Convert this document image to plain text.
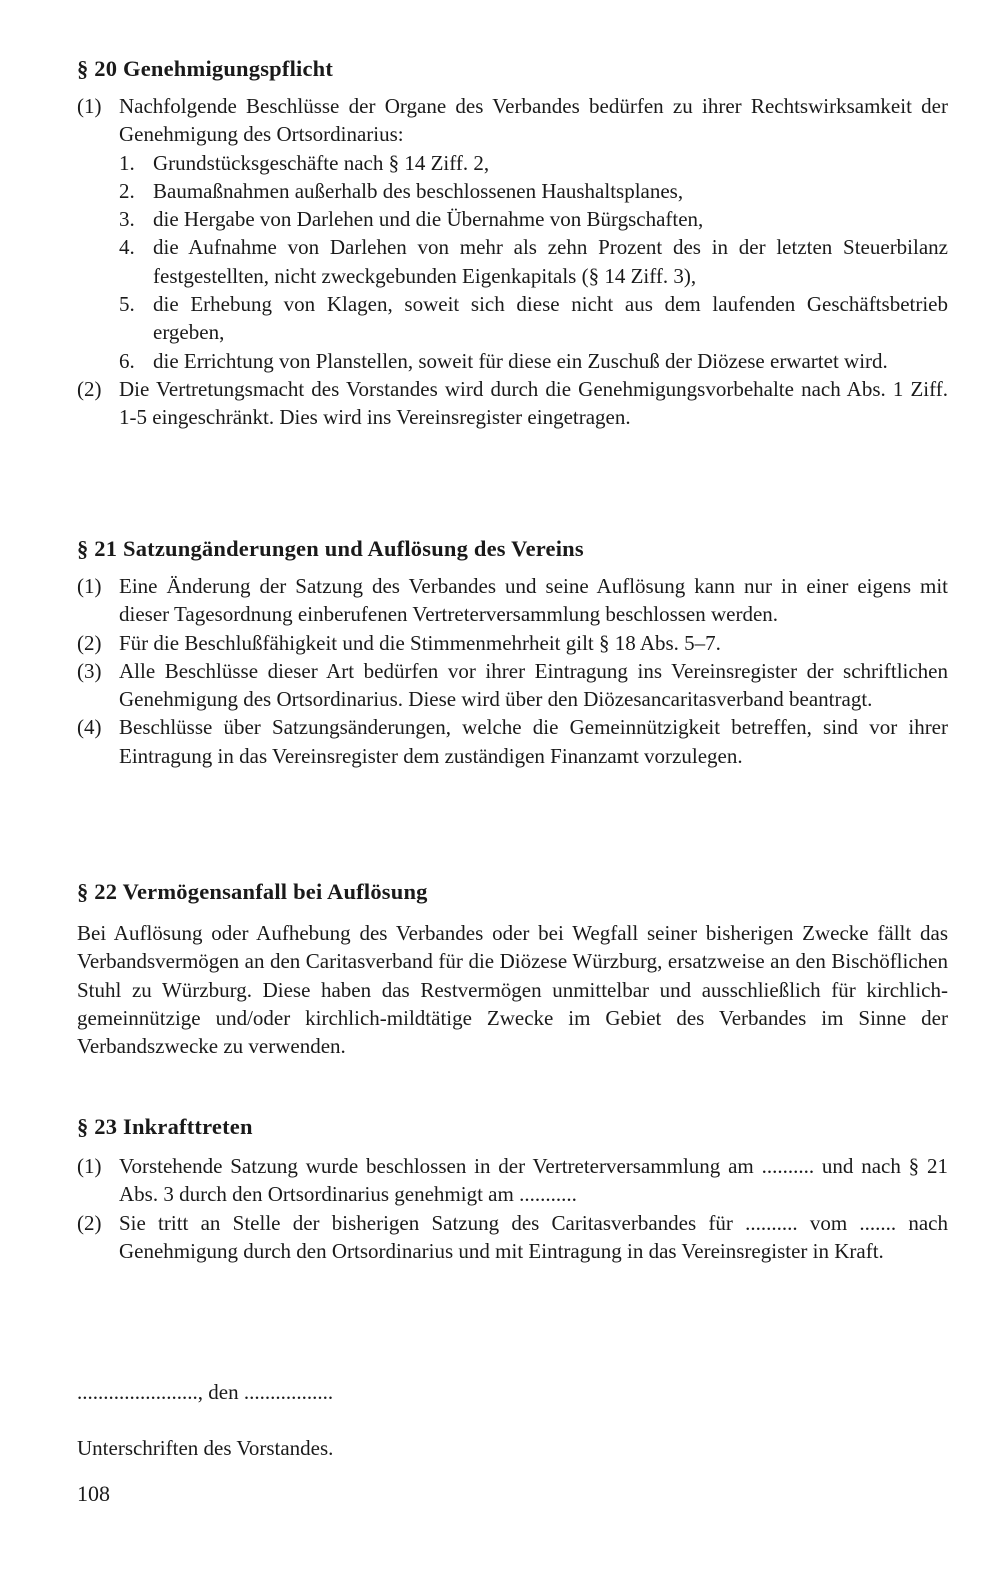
§ 20 Genehmigungspflicht

(1) Nachfolgende Beschlüsse der Organe des Verbandes bedürfen zu ihrer Rechtswirksamkeit der Genehmigung des Ortsordinarius:

1. Grundstücksgeschäfte nach § 14 Ziff. 2,

2. Baumaßnahmen außerhalb des beschlossenen Haushaltsplanes,

3. die Hergabe von Darlehen und die Übernahme von Bürgschaften,

4. die Aufnahme von Darlehen von mehr als zehn Prozent des in der letzten Steuerbilanz festgestellten, nicht zweckgebunden Eigenkapitals (§ 14 Ziff. 3),

5. die Erhebung von Klagen, soweit sich diese nicht aus dem laufenden Geschäftsbetrieb ergeben,

6. die Errichtung von Planstellen, soweit für diese ein Zuschuß der Diözese erwartet wird.

(2) Die Vertretungsmacht des Vorstandes wird durch die Genehmigungsvorbehalte nach Abs. 1 Ziff. 1-5 eingeschränkt. Dies wird ins Vereinsregister eingetragen.

§ 21 Satzungänderungen und Auflösung des Vereins

(1) Eine Änderung der Satzung des Verbandes und seine Auflösung kann nur in einer eigens mit dieser Tagesordnung einberufenen Vertreterversammlung beschlossen werden.

(2) Für die Beschlußfähigkeit und die Stimmenmehrheit gilt § 18 Abs. 5–7.

(3) Alle Beschlüsse dieser Art bedürfen vor ihrer Eintragung ins Vereinsregister der schriftlichen Genehmigung des Ortsordinarius. Diese wird über den Diözesancaritasverband beantragt.

(4) Beschlüsse über Satzungsänderungen, welche die Gemeinnützigkeit betreffen, sind vor ihrer Eintragung in das Vereinsregister dem zuständigen Finanzamt vorzulegen.

§ 22 Vermögensanfall bei Auflösung

Bei Auflösung oder Aufhebung des Verbandes oder bei Wegfall seiner bisherigen Zwecke fällt das Verbandsvermögen an den Caritasverband für die Diözese Würzburg, ersatzweise an den Bischöflichen Stuhl zu Würzburg. Diese haben das Restvermögen unmittelbar und ausschließlich für kirchlich-gemeinnützige und/oder kirchlich-mildtätige Zwecke im Gebiet des Verbandes im Sinne der Verbandszwecke zu verwenden.

§ 23 Inkrafttreten

(1) Vorstehende Satzung wurde beschlossen in der Vertreterversammlung am .......... und nach § 21 Abs. 3 durch den Ortsordinarius genehmigt am ...........

(2) Sie tritt an Stelle der bisherigen Satzung des Caritasverbandes für .......... vom ....... nach Genehmigung durch den Ortsordinarius und mit Eintragung in das Vereinsregister in Kraft.

......................., den .................

Unterschriften des Vorstandes.

108
